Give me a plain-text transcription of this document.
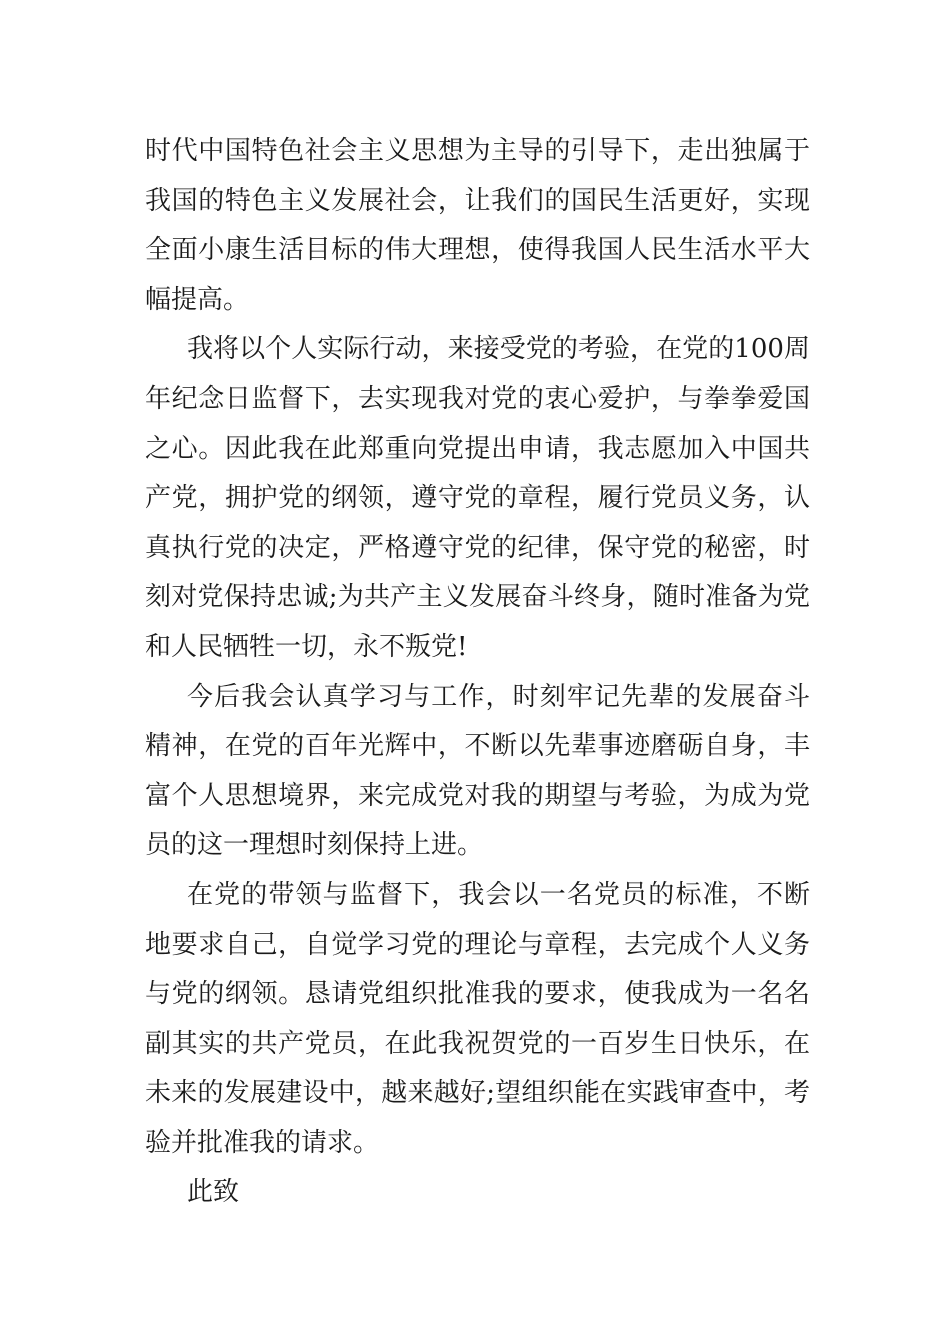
时代中国特色社会主义思想为主导的引导下，走出独属于我国的特色主义发展社会，让我们的国民生活更好，实现全面小康生活目标的伟大理想，使得我国人民生活水平大幅提高。

我将以个人实际行动，来接受党的考验，在党的100周年纪念日监督下，去实现我对党的衷心爱护，与拳拳爱国之心。因此我在此郑重向党提出申请，我志愿加入中国共产党，拥护党的纲领，遵守党的章程，履行党员义务，认真执行党的决定，严格遵守党的纪律，保守党的秘密，时刻对党保持忠诚;为共产主义发展奋斗终身，随时准备为党和人民牺牲一切，永不叛党!

今后我会认真学习与工作，时刻牢记先辈的发展奋斗精神，在党的百年光辉中，不断以先辈事迹磨砺自身，丰富个人思想境界，来完成党对我的期望与考验，为成为党员的这一理想时刻保持上进。

在党的带领与监督下，我会以一名党员的标准，不断地要求自己，自觉学习党的理论与章程，去完成个人义务与党的纲领。恳请党组织批准我的要求，使我成为一名名副其实的共产党员，在此我祝贺党的一百岁生日快乐，在未来的发展建设中，越来越好;望组织能在实践审查中，考验并批准我的请求。

此致
